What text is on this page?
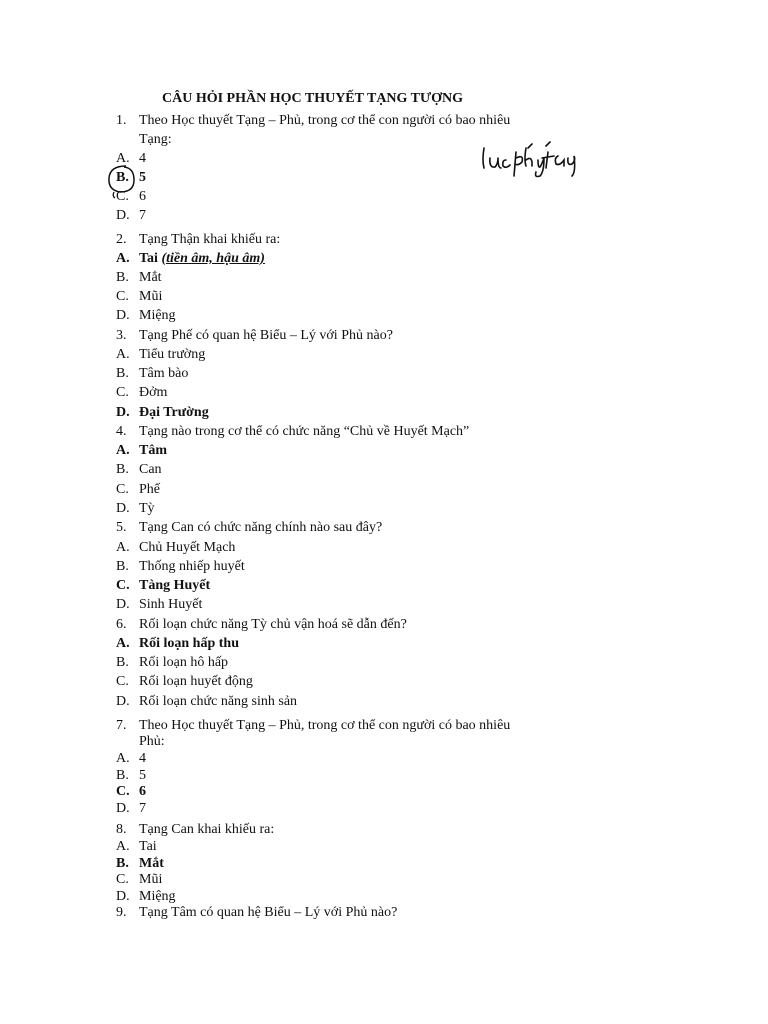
CÂU HỎI PHẦN HỌC THUYẾT TẠNG TƯỢNG
1. Theo Học thuyết Tạng – Phủ, trong cơ thể con người có bao nhiêu
Tạng:
A. 4
B. 5
C. 6
D. 7
2. Tạng Thận khai khiếu ra:
A. Tai (tiền âm, hậu âm)
B. Mắt
C. Mũi
D. Miệng
3. Tạng Phế có quan hệ Biểu – Lý với Phủ nào?
A. Tiểu trường
B. Tâm bào
C. Đởm
D. Đại Trường
4. Tạng nào trong cơ thể có chức năng “Chủ về Huyết Mạch”
A. Tâm
B. Can
C. Phế
D. Tỳ
5. Tạng Can có chức năng chính nào sau đây?
A. Chủ Huyết Mạch
B. Thống nhiếp huyết
C. Tàng Huyết
D. Sinh Huyết
6. Rối loạn chức năng Tỳ chủ vận hoá sẽ dẫn đến?
A. Rối loạn hấp thu
B. Rối loạn hô hấp
C. Rối loạn huyết động
D. Rối loạn chức năng sinh sản
7. Theo Học thuyết Tạng – Phủ, trong cơ thể con người có bao nhiêu
Phủ:
A. 4
B. 5
C. 6
D. 7
8. Tạng Can khai khiếu ra:
A. Tai
B. Mắt
C. Mũi
D. Miệng
9. Tạng Tâm có quan hệ Biểu – Lý với Phủ nào?
